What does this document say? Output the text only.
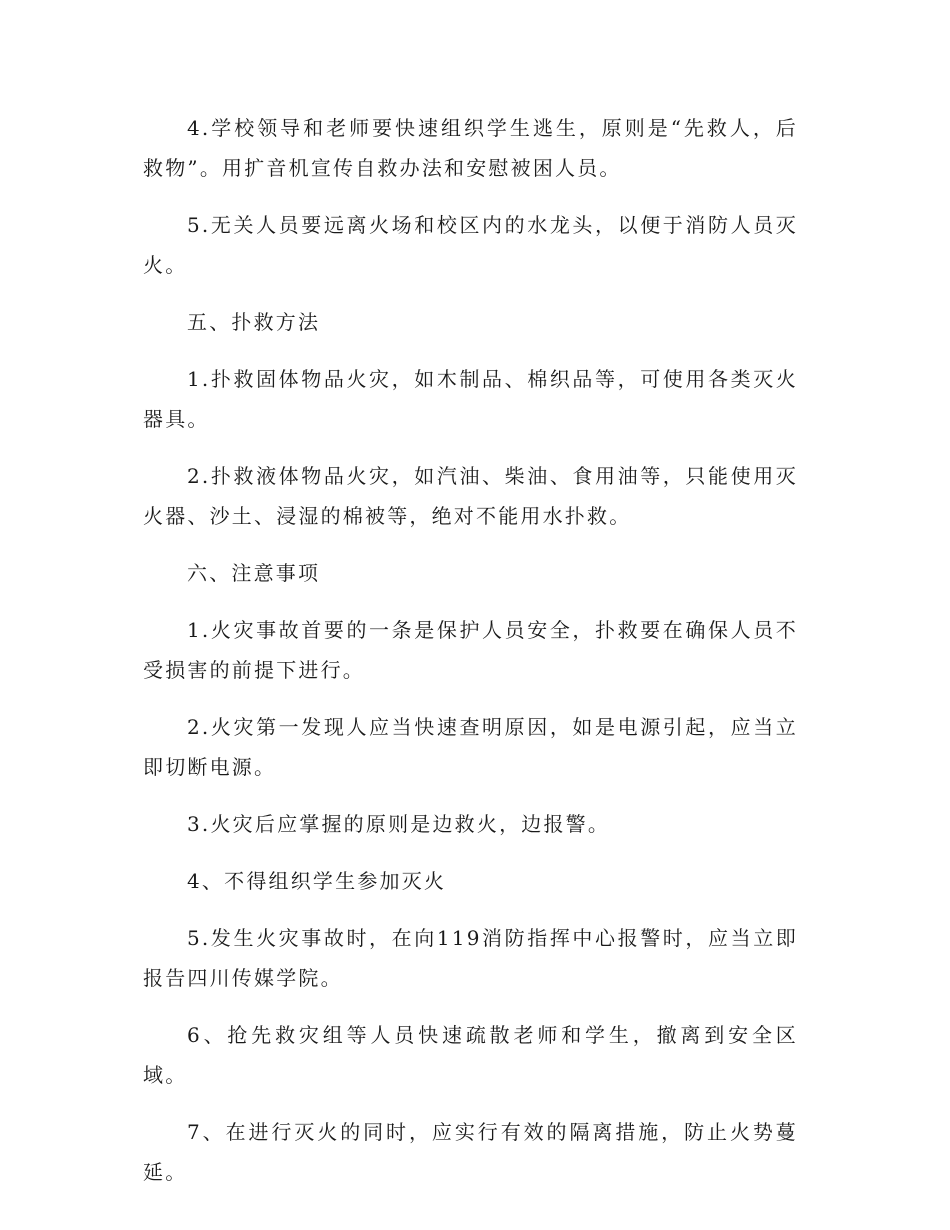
4.学校领导和老师要快速组织学生逃生，原则是“先救人，后救物”。用扩音机宣传自救办法和安慰被困人员。

5.无关人员要远离火场和校区内的水龙头，以便于消防人员灭火。

五、扑救方法

1.扑救固体物品火灾，如木制品、棉织品等，可使用各类灭火器具。

2.扑救液体物品火灾，如汽油、柴油、食用油等，只能使用灭火器、沙土、浸湿的棉被等，绝对不能用水扑救。

六、注意事项

1.火灾事故首要的一条是保护人员安全，扑救要在确保人员不受损害的前提下进行。

2.火灾第一发现人应当快速查明原因，如是电源引起，应当立即切断电源。

3.火灾后应掌握的原则是边救火，边报警。

4、不得组织学生参加灭火

5.发生火灾事故时，在向119消防指挥中心报警时，应当立即报告四川传媒学院。

6、抢先救灾组等人员快速疏散老师和学生，撤离到安全区域。

7、在进行灭火的同时，应实行有效的隔离措施，防止火势蔓延。
